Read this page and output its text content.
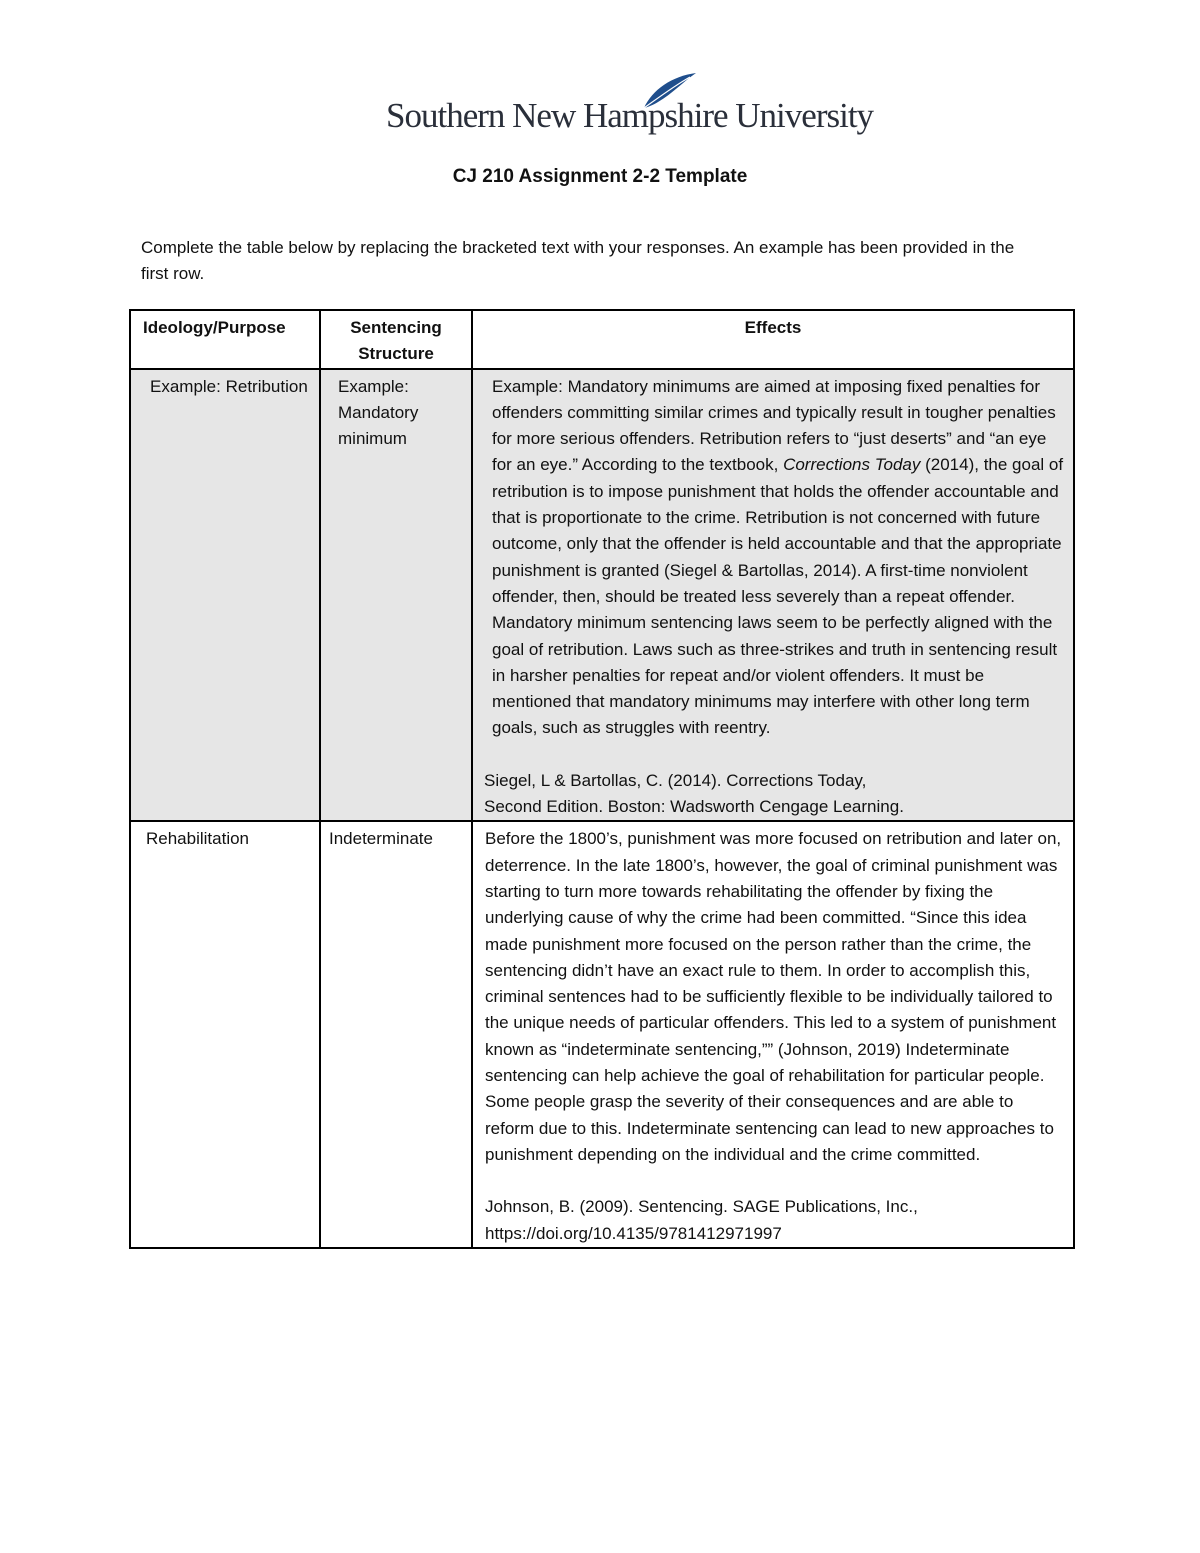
Southern New Hampshire University
CJ 210 Assignment 2-2 Template
Complete the table below by replacing the bracketed text with your responses. An example has been provided in the first row.
Ideology/Purpose	Sentencing Structure	Effects
Example: Retribution	Example: Mandatory minimum	Example: Mandatory minimums are aimed at imposing fixed penalties for offenders committing similar crimes and typically result in tougher penalties for more serious offenders. Retribution refers to “just deserts” and “an eye for an eye.” According to the textbook, Corrections Today (2014), the goal of retribution is to impose punishment that holds the offender accountable and that is proportionate to the crime. Retribution is not concerned with future outcome, only that the offender is held accountable and that the appropriate punishment is granted (Siegel & Bartollas, 2014). A first-time nonviolent offender, then, should be treated less severely than a repeat offender. Mandatory minimum sentencing laws seem to be perfectly aligned with the goal of retribution. Laws such as three-strikes and truth in sentencing result in harsher penalties for repeat and/or violent offenders. It must be mentioned that mandatory minimums may interfere with other long term goals, such as struggles with reentry.
Siegel, L & Bartollas, C. (2014). Corrections Today,
Second Edition. Boston: Wadsworth Cengage Learning.

Rehabilitation	Indeterminate	Before the 1800’s, punishment was more focused on retribution and later on, deterrence. In the late 1800’s, however, the goal of criminal punishment was starting to turn more towards rehabilitating the offender by fixing the underlying cause of why the crime had been committed. “Since this idea made punishment more focused on the person rather than the crime, the sentencing didn’t have an exact rule to them. In order to accomplish this, criminal sentences had to be sufficiently flexible to be individually tailored to the unique needs of particular offenders. This led to a system of punishment known as “indeterminate sentencing,”” (Johnson, 2019) Indeterminate sentencing can help achieve the goal of rehabilitation for particular people. Some people grasp the severity of their consequences and are able to reform due to this. Indeterminate sentencing can lead to new approaches to punishment depending on the individual and the crime committed.
Johnson, B. (2009). Sentencing. SAGE Publications, Inc.,
https://doi.org/10.4135/9781412971997
